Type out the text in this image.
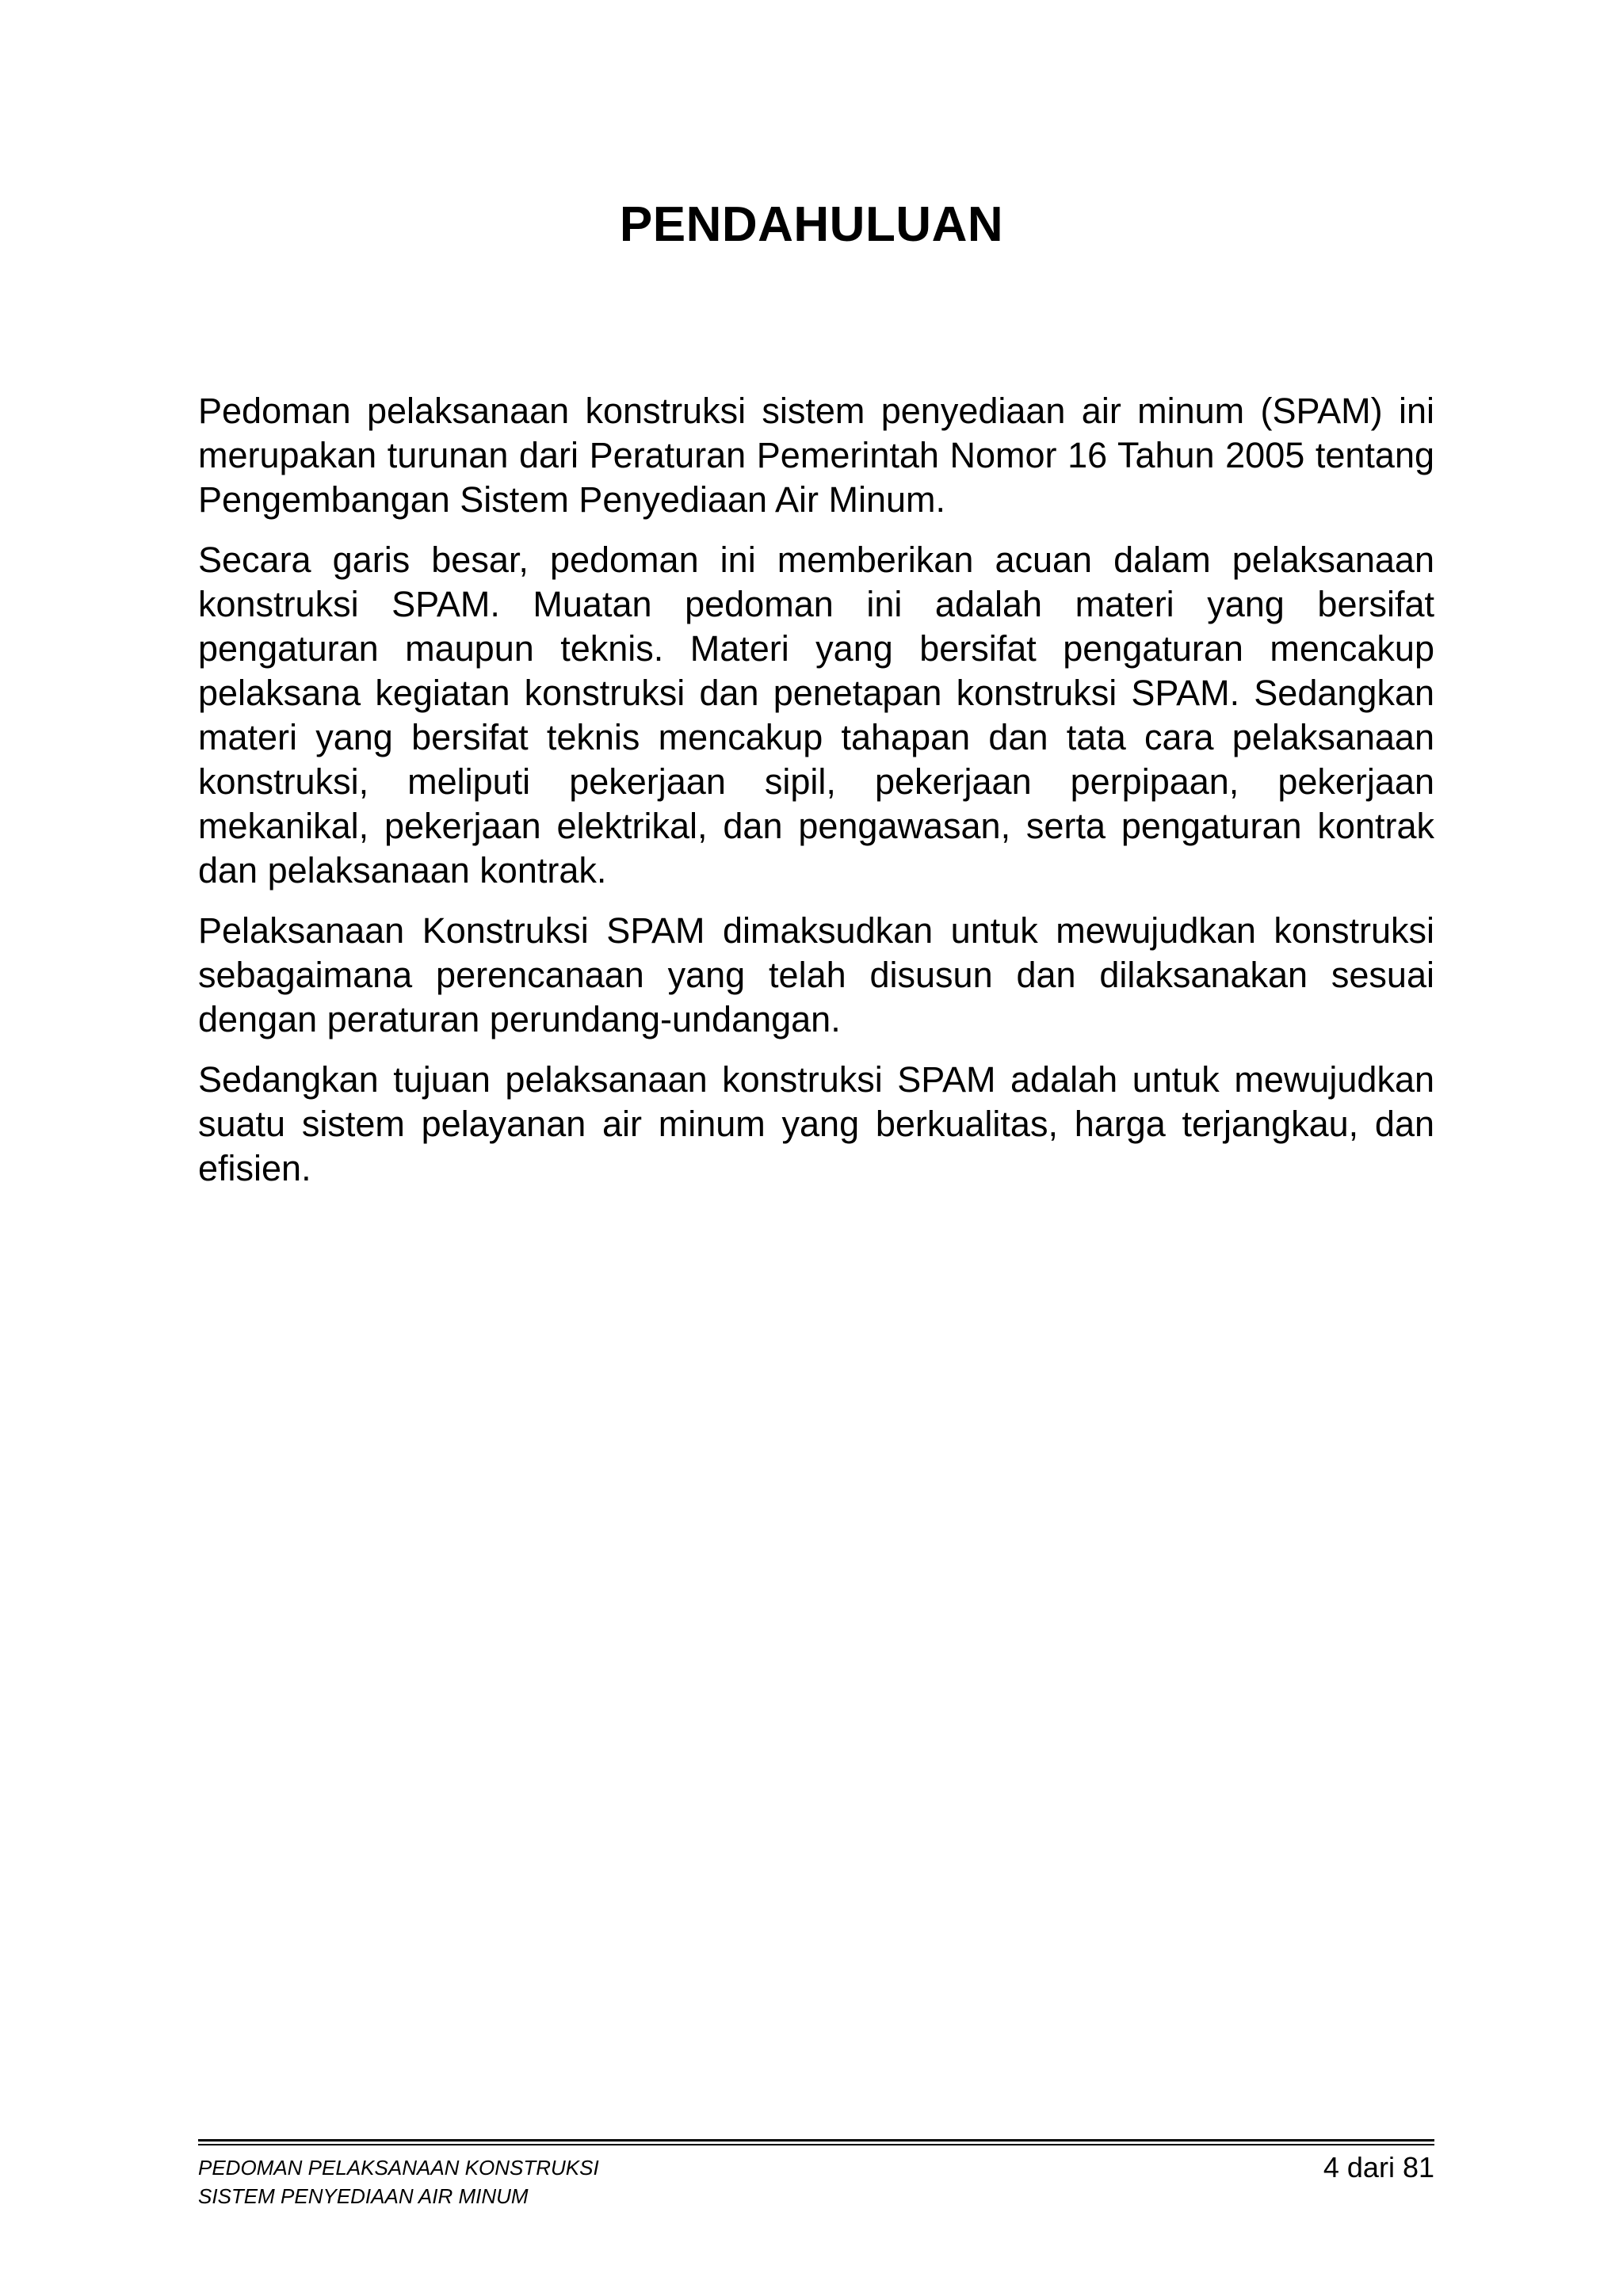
PENDAHULUAN

Pedoman pelaksanaan konstruksi sistem penyediaan air minum (SPAM) ini merupakan turunan dari Peraturan Pemerintah Nomor 16 Tahun 2005 tentang Pengembangan Sistem Penyediaan Air Minum.

Secara garis besar, pedoman ini memberikan acuan dalam pelaksanaan konstruksi SPAM. Muatan pedoman ini adalah materi yang bersifat pengaturan maupun teknis. Materi yang bersifat pengaturan mencakup pelaksana kegiatan konstruksi dan penetapan konstruksi SPAM. Sedangkan materi yang bersifat teknis mencakup tahapan dan tata cara pelaksanaan konstruksi, meliputi pekerjaan sipil, pekerjaan perpipaan, pekerjaan mekanikal, pekerjaan elektrikal, dan pengawasan, serta pengaturan kontrak dan pelaksanaan kontrak.

Pelaksanaan Konstruksi SPAM dimaksudkan untuk mewujudkan konstruksi sebagaimana perencanaan yang telah disusun dan dilaksanakan sesuai dengan peraturan perundang-undangan.

Sedangkan tujuan pelaksanaan konstruksi SPAM adalah untuk mewujudkan suatu sistem pelayanan air minum yang berkualitas, harga terjangkau, dan efisien.

PEDOMAN PELAKSANAAN KONSTRUKSI
SISTEM PENYEDIAAN AIR MINUM
4 dari 81
